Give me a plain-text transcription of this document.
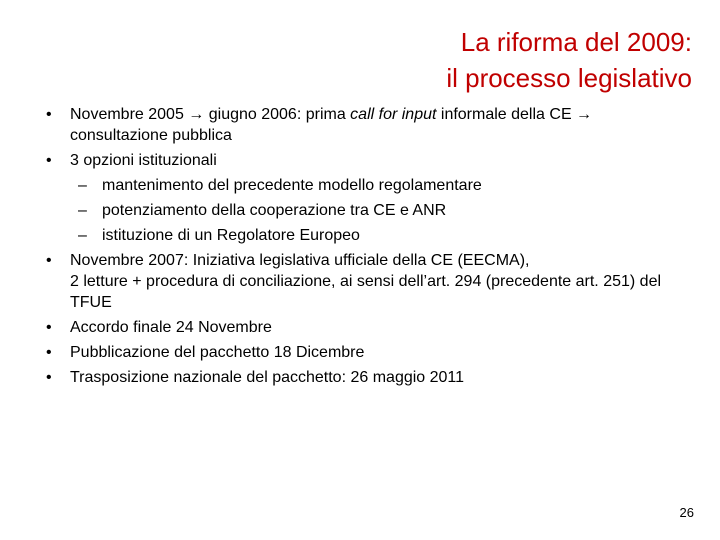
La riforma del 2009:
il processo legislativo
• Novembre 2005 → giugno 2006: prima call for input informale della CE → consultazione pubblica
• 3 opzioni istituzionali
– mantenimento del precedente modello regolamentare
– potenziamento della cooperazione tra CE e ANR
– istituzione di un Regolatore Europeo
• Novembre 2007: Iniziativa legislativa ufficiale della CE (EECMA),
2 letture + procedura di conciliazione, ai sensi dell’art. 294 (precedente art. 251) del TFUE
• Accordo finale 24 Novembre
• Pubblicazione del pacchetto 18 Dicembre
• Trasposizione nazionale del pacchetto: 26 maggio 2011
26
